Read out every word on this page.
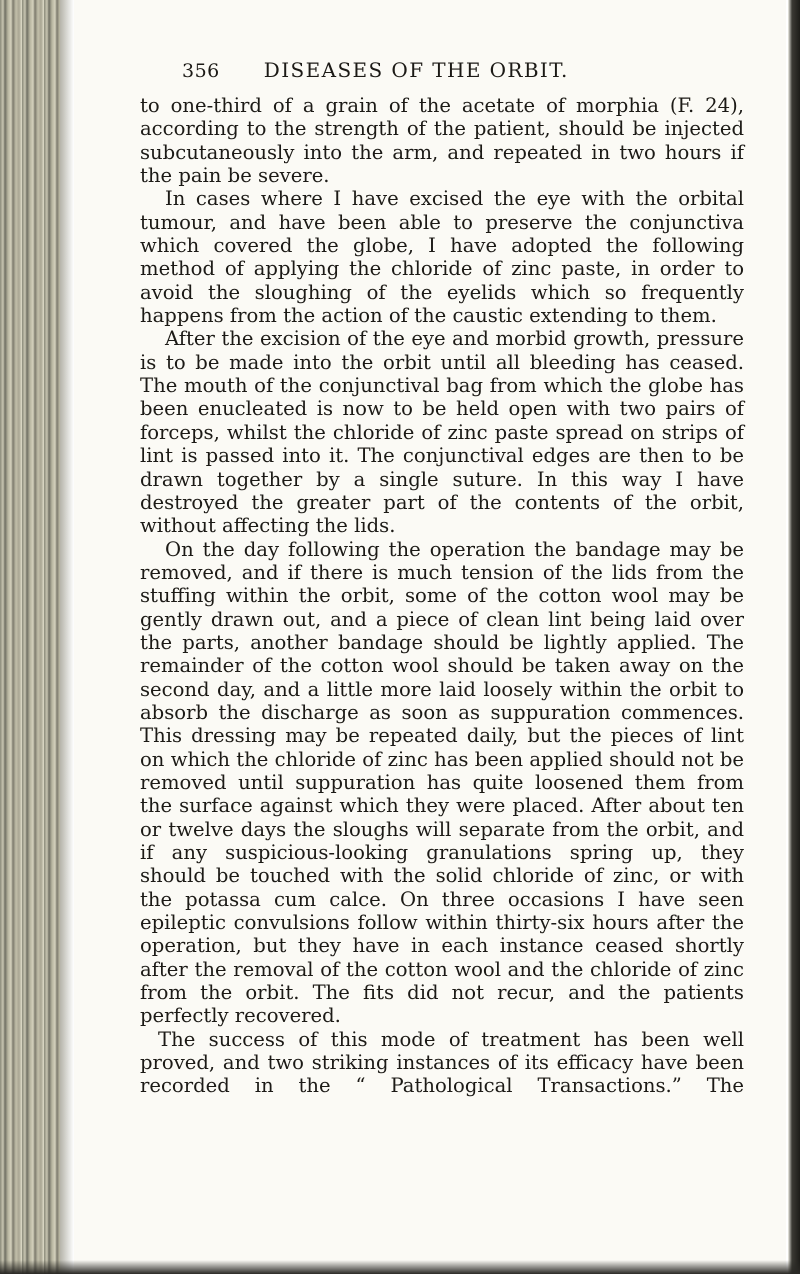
356 DISEASES OF THE ORBIT.

to one-third of a grain of the acetate of morphia (F. 24), according to the strength of the patient, should be injected subcutaneously into the arm, and repeated in two hours if the pain be severe.

In cases where I have excised the eye with the orbital tumour, and have been able to preserve the conjunctiva which covered the globe, I have adopted the following method of applying the chloride of zinc paste, in order to avoid the sloughing of the eyelids which so frequently happens from the action of the caustic extending to them.

After the excision of the eye and morbid growth, pressure is to be made into the orbit until all bleeding has ceased. The mouth of the conjunctival bag from which the globe has been enucleated is now to be held open with two pairs of forceps, whilst the chloride of zinc paste spread on strips of lint is passed into it. The conjunctival edges are then to be drawn together by a single suture. In this way I have destroyed the greater part of the contents of the orbit, without affecting the lids.

On the day following the operation the bandage may be removed, and if there is much tension of the lids from the stuffing within the orbit, some of the cotton wool may be gently drawn out, and a piece of clean lint being laid over the parts, another bandage should be lightly applied. The remainder of the cotton wool should be taken away on the second day, and a little more laid loosely within the orbit to absorb the discharge as soon as suppuration commences. This dressing may be repeated daily, but the pieces of lint on which the chloride of zinc has been applied should not be removed until suppuration has quite loosened them from the surface against which they were placed. After about ten or twelve days the sloughs will separate from the orbit, and if any suspicious-looking granulations spring up, they should be touched with the solid chloride of zinc, or with the potassa cum calce. On three occasions I have seen epileptic convulsions follow within thirty-six hours after the operation, but they have in each instance ceased shortly after the removal of the cotton wool and the chloride of zinc from the orbit. The fits did not recur, and the patients perfectly recovered.

The success of this mode of treatment has been well proved, and two striking instances of its efficacy have been recorded in the “ Pathological Transactions.” The
